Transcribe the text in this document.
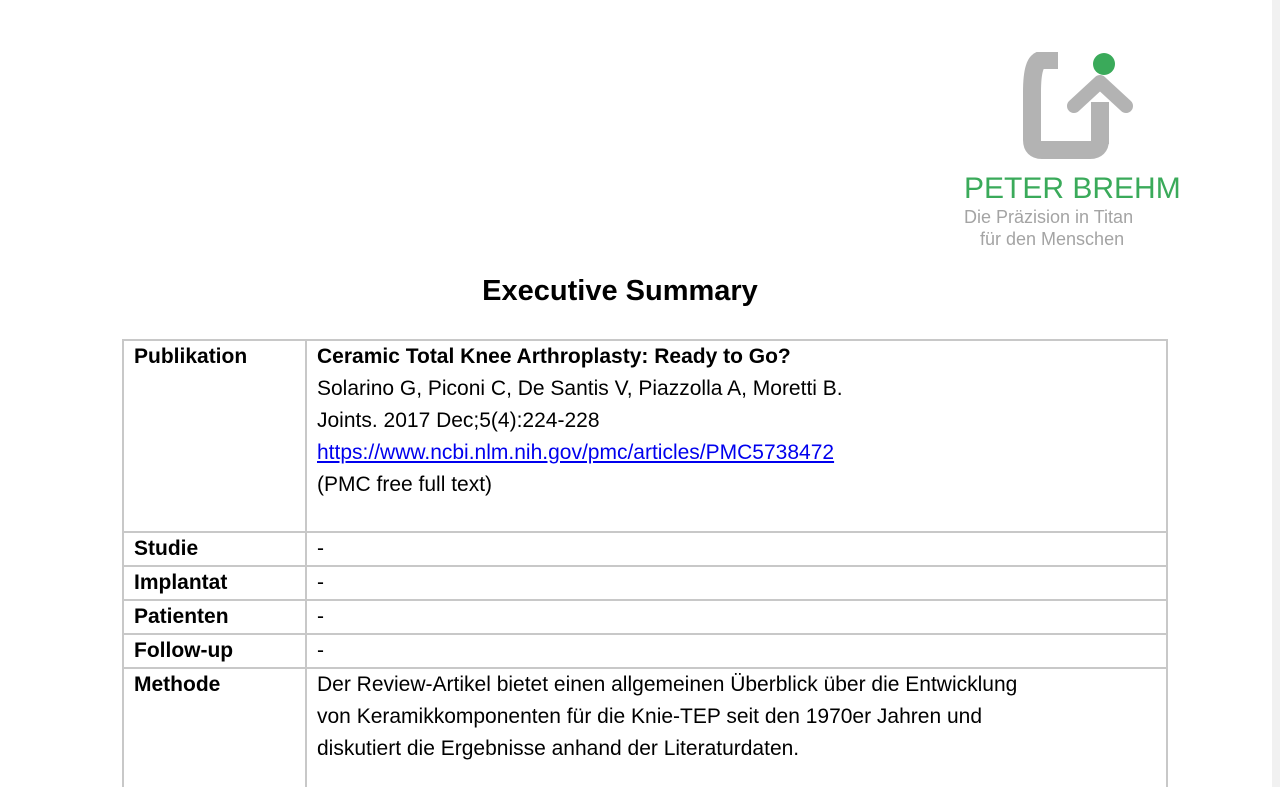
PETER BREHM
Die Präzision in Titan
für den Menschen
Executive Summary
Publikation	Ceramic Total Knee Arthroplasty: Ready to Go?
Solarino G, Piconi C, De Santis V, Piazzolla A, Moretti B.
Joints. 2017 Dec;5(4):224-228
https://www.ncbi.nlm.nih.gov/pmc/articles/PMC5738472
(PMC free full text)

Studie	-
Implantat	-
Patienten	-
Follow-up	-
Methode	Der Review-Artikel bietet einen allgemeinen Überblick über die Entwicklung
von Keramikkomponenten für die Knie-TEP seit den 1970er Jahren und
diskutiert die Ergebnisse anhand der Literaturdaten.
